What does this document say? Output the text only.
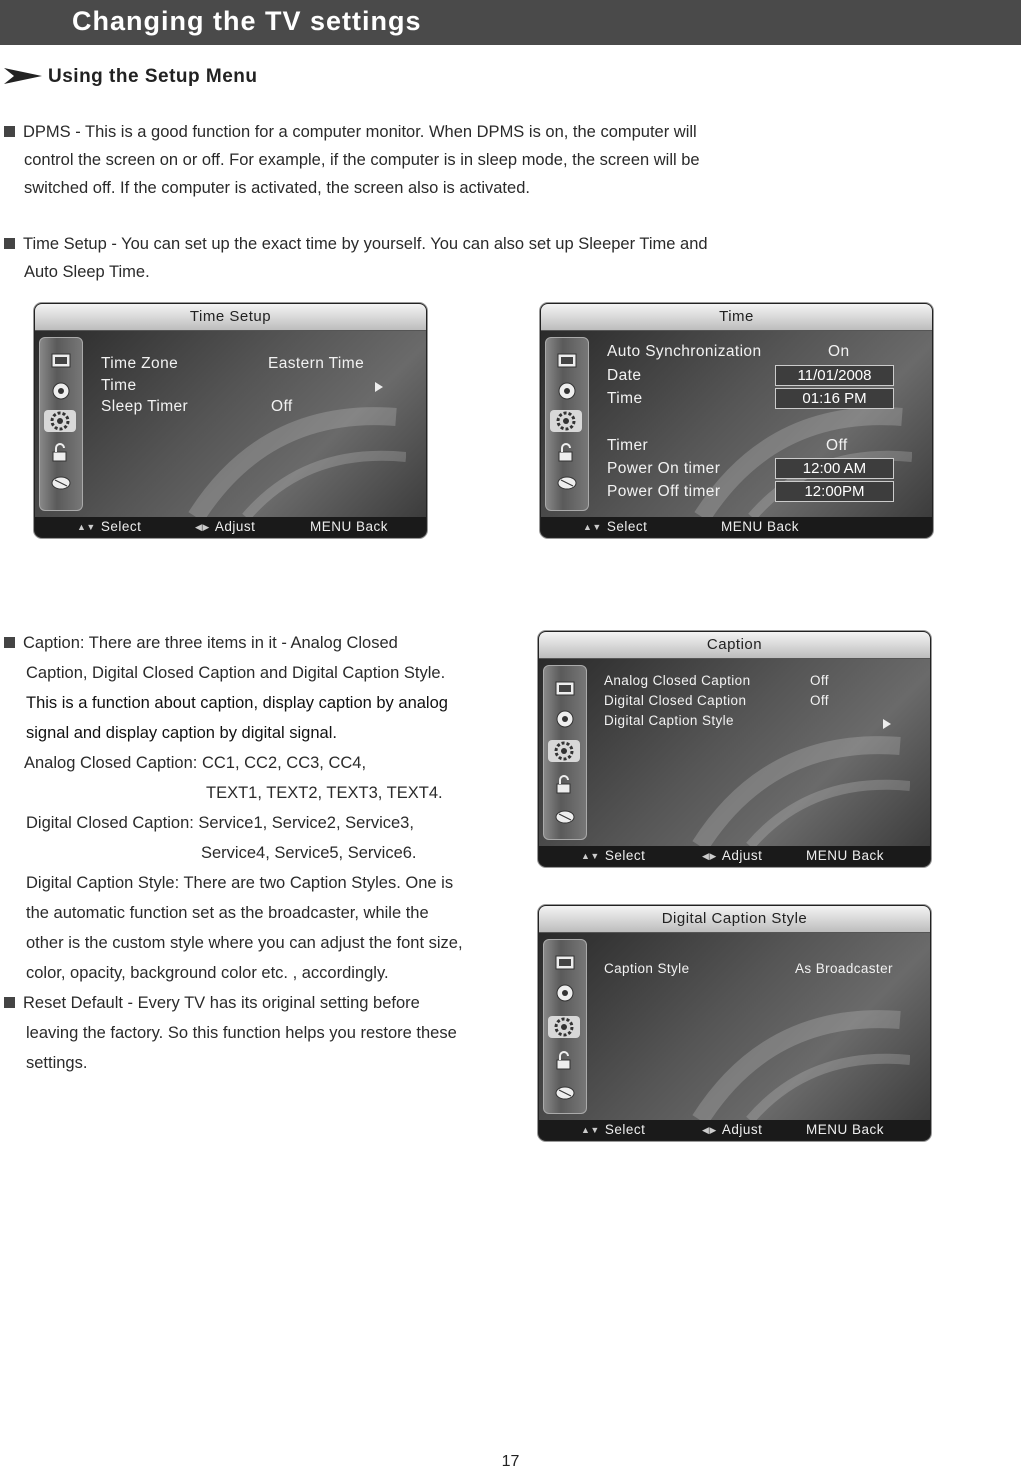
Changing the TV settings
Using the Setup Menu
DPMS - This is a good function for a computer monitor. When DPMS is on, the computer will
control the screen on or off. For example, if the computer is in sleep mode, the screen will be
switched off. If the computer is activated, the screen also is activated.
Time Setup - You can set up the exact time by yourself. You can also set up Sleeper Time and
Auto Sleep Time.
Time Setup
Time Zone	Eastern Time
Time
Sleep Timer	Off
▲▼ Select	◀▶ Adjust	MENU Back
Time
Auto Synchronization	On
Date	11/01/2008
Time	01:16 PM
Timer	Off
Power On timer	12:00 AM
Power Off timer	12:00PM
▲▼ Select	MENU Back
Caption: There are three items in it - Analog Closed
Caption, Digital Closed Caption and Digital Caption Style.
This is a function about caption, display caption by analog
signal and display caption by digital signal.
Analog Closed Caption: CC1, CC2, CC3, CC4,
TEXT1, TEXT2, TEXT3, TEXT4.
Digital Closed Caption: Service1, Service2, Service3,
Service4, Service5, Service6.
Digital Caption Style: There are two Caption Styles. One is
the automatic function set as the broadcaster, while the
other is the custom style where you can adjust the font size,
color, opacity, background color etc. , accordingly.
Reset Default - Every TV has its original setting before
leaving the factory. So this function helps you restore these
settings.
Caption
Analog Closed Caption	Off
Digital Closed Caption	Off
Digital Caption Style
▲▼ Select	◀▶ Adjust	MENU Back
Digital Caption Style
Caption Style	As Broadcaster
▲▼ Select	◀▶ Adjust	MENU Back
17
